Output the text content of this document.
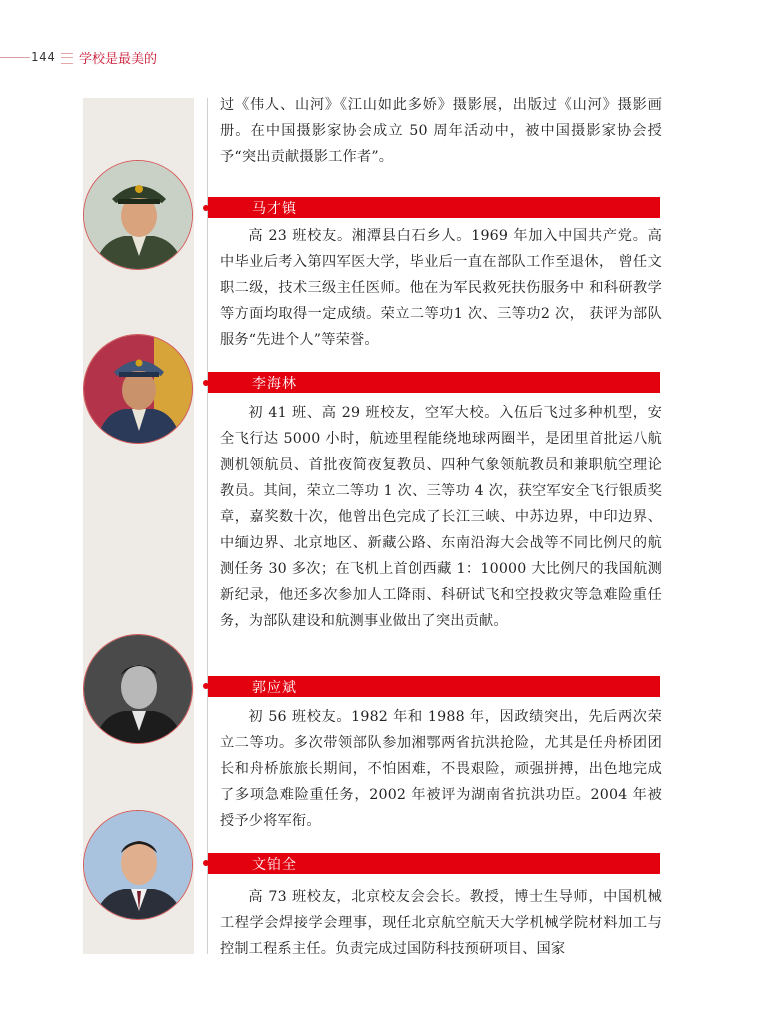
144 学校是最美的
过《伟人、山河》《江山如此多娇》摄影展，出版过《山河》摄影画册。在中国摄影家协会成立 50 周年活动中，被中国摄影家协会授予“突出贡献摄影工作者”。
马才镇
高 23 班校友。湘潭县白石乡人。1969 年加入中国共产党。高中毕业后考入第四军医大学，毕业后一直在部队工作至退休， 曾任文职二级，技术三级主任医师。他在为军民救死扶伤服务中 和科研教学等方面均取得一定成绩。荣立二等功1 次、三等功2 次， 获评为部队服务“先进个人”等荣誉。
李海林
初 41 班、高 29 班校友，空军大校。入伍后飞过多种机型，安全飞行达 5000 小时，航迹里程能绕地球两圈半，是团里首批运八航测机领航员、首批夜简夜复教员、四种气象领航教员和兼职航空理论教员。其间，荣立二等功 1 次、三等功 4 次，获空军安全飞行银质奖章，嘉奖数十次，他曾出色完成了长江三峡、中苏边界，中印边界、中缅边界、北京地区、新藏公路、东南沿海大会战等不同比例尺的航测任务 30 多次；在飞机上首创西藏 1：10000 大比例尺的我国航测新纪录，他还多次参加人工降雨、科研试飞和空投救灾等急难险重任务，为部队建设和航测事业做出了突出贡献。
郭应斌
初 56 班校友。1982 年和 1988 年，因政绩突出，先后两次荣立二等功。多次带领部队参加湘鄂两省抗洪抢险，尤其是任舟桥团团长和舟桥旅旅长期间，不怕困难，不畏艰险，顽强拼搏，出色地完成了多项急难险重任务，2002 年被评为湖南省抗洪功臣。2004 年被授予少将军衔。
文铂全
高 73 班校友，北京校友会会长。教授，博士生导师，中国机械工程学会焊接学会理事，现任北京航空航天大学机械学院材料加工与控制工程系主任。负责完成过国防科技预研项目、国家
